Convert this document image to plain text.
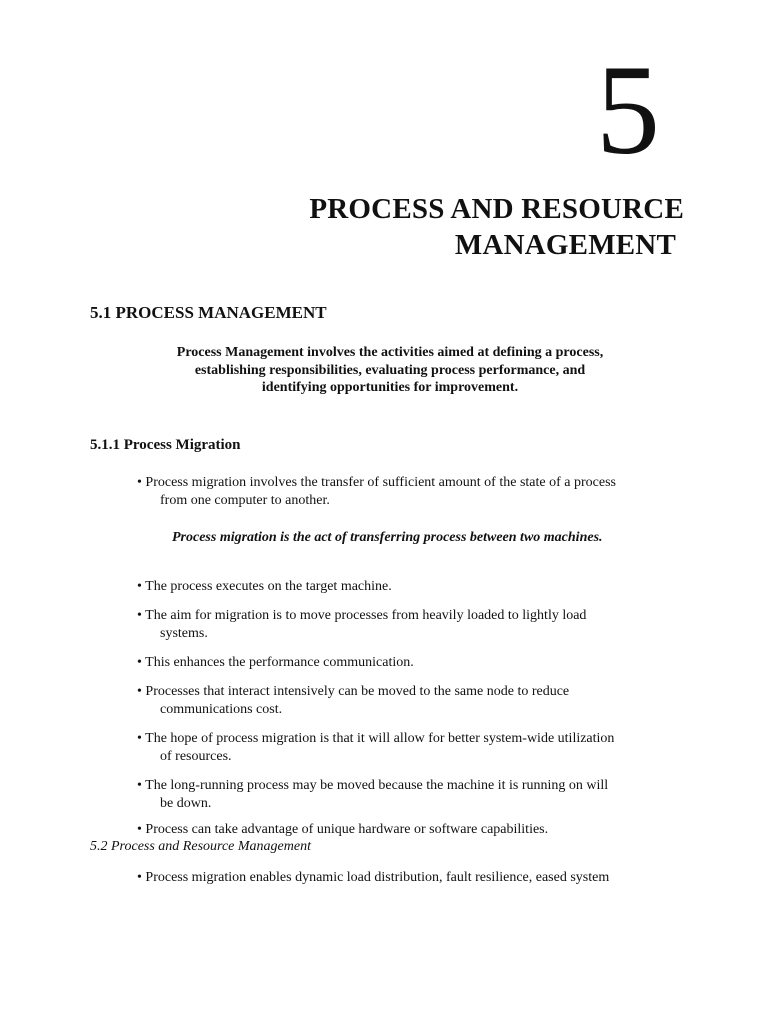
5
PROCESS AND RESOURCE
MANAGEMENT
5.1 PROCESS MANAGEMENT
Process Management involves the activities aimed at defining a process,
establishing responsibilities, evaluating process performance, and
identifying opportunities for improvement.
5.1.1 Process Migration
• Process migration involves the transfer of sufficient amount of the state of a process
from one computer to another.
Process migration is the act of transferring process between two machines.
• The process executes on the target machine.
• The aim for migration is to move processes from heavily loaded to lightly load
systems.
• This enhances the performance communication.
• Processes that interact intensively can be moved to the same node to reduce
communications cost.
• The hope of process migration is that it will allow for better system-wide utilization
of resources.
• The long-running process may be moved because the machine it is running on will
be down.
• Process can take advantage of unique hardware or software capabilities.
5.2 Process and Resource Management
• Process migration enables dynamic load distribution, fault resilience, eased system
